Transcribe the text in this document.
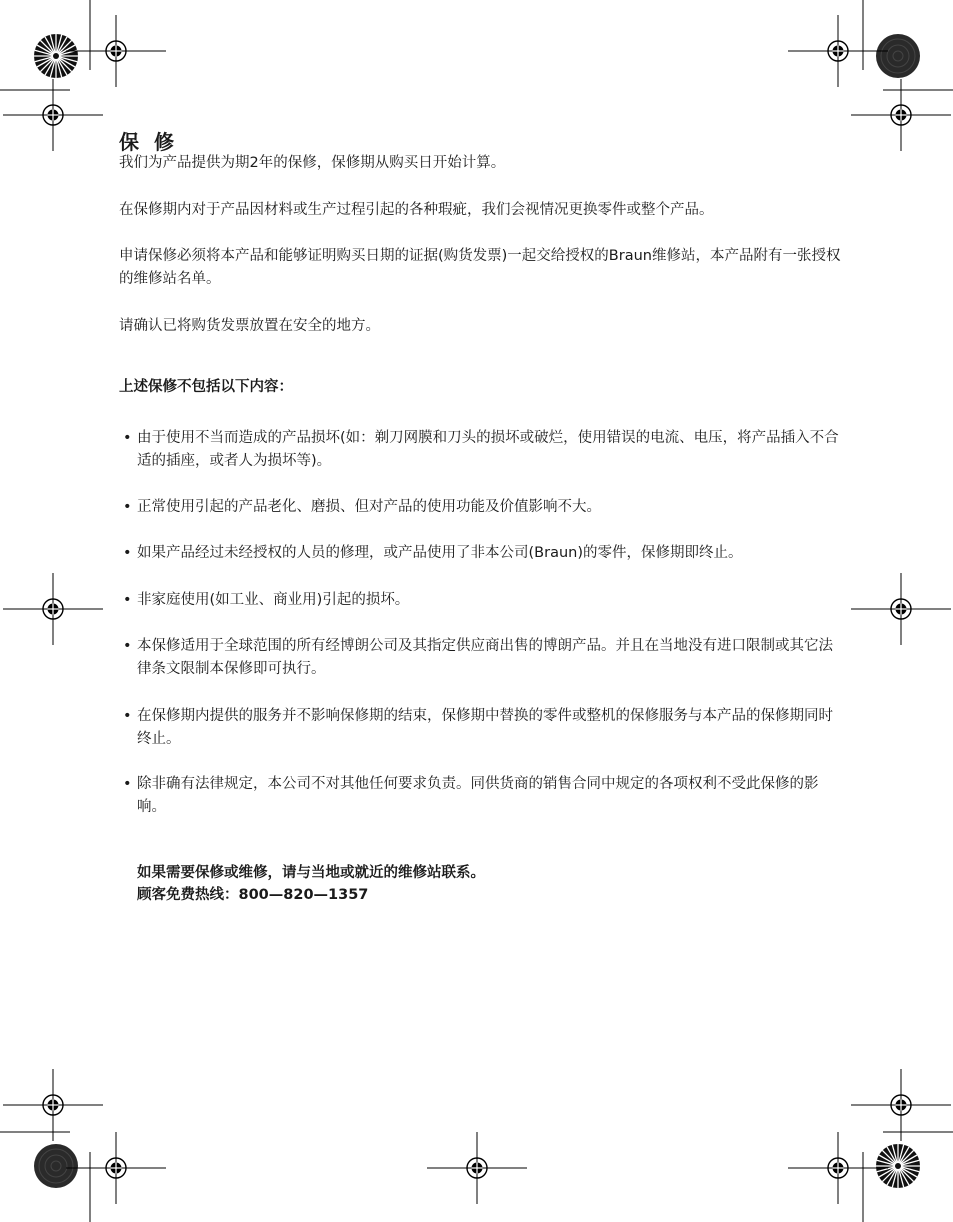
保 修

我们为产品提供为期2年的保修，保修期从购买日开始计算。

在保修期内对于产品因材料或生产过程引起的各种瑕疵，我们会视情况更换零件或整个产品。

申请保修必须将本产品和能够证明购买日期的证据(购货发票)一起交给授权的Braun维修站，本产品附有一张授权的维修站名单。

请确认已将购货发票放置在安全的地方。

上述保修不包括以下内容：
• 由于使用不当而造成的产品损坏(如：剃刀网膜和刀头的损坏或破烂，使用错误的电流、电压，将产品插入不合适的插座，或者人为损坏等)。
• 正常使用引起的产品老化、磨损、但对产品的使用功能及价值影响不大。
• 如果产品经过未经授权的人员的修理，或产品使用了非本公司(Braun)的零件，保修期即终止。
• 非家庭使用(如工业、商业用)引起的损坏。
• 本保修适用于全球范围的所有经博朗公司及其指定供应商出售的博朗产品。并且在当地没有进口限制或其它法律条文限制本保修即可执行。
• 在保修期内提供的服务并不影响保修期的结束，保修期中替换的零件或整机的保修服务与本产品的保修期同时终止。
• 除非确有法律规定，本公司不对其他任何要求负责。同供货商的销售合同中规定的各项权利不受此保修的影响。
如果需要保修或维修，请与当地或就近的维修站联系。
顾客免费热线：800—820—1357
